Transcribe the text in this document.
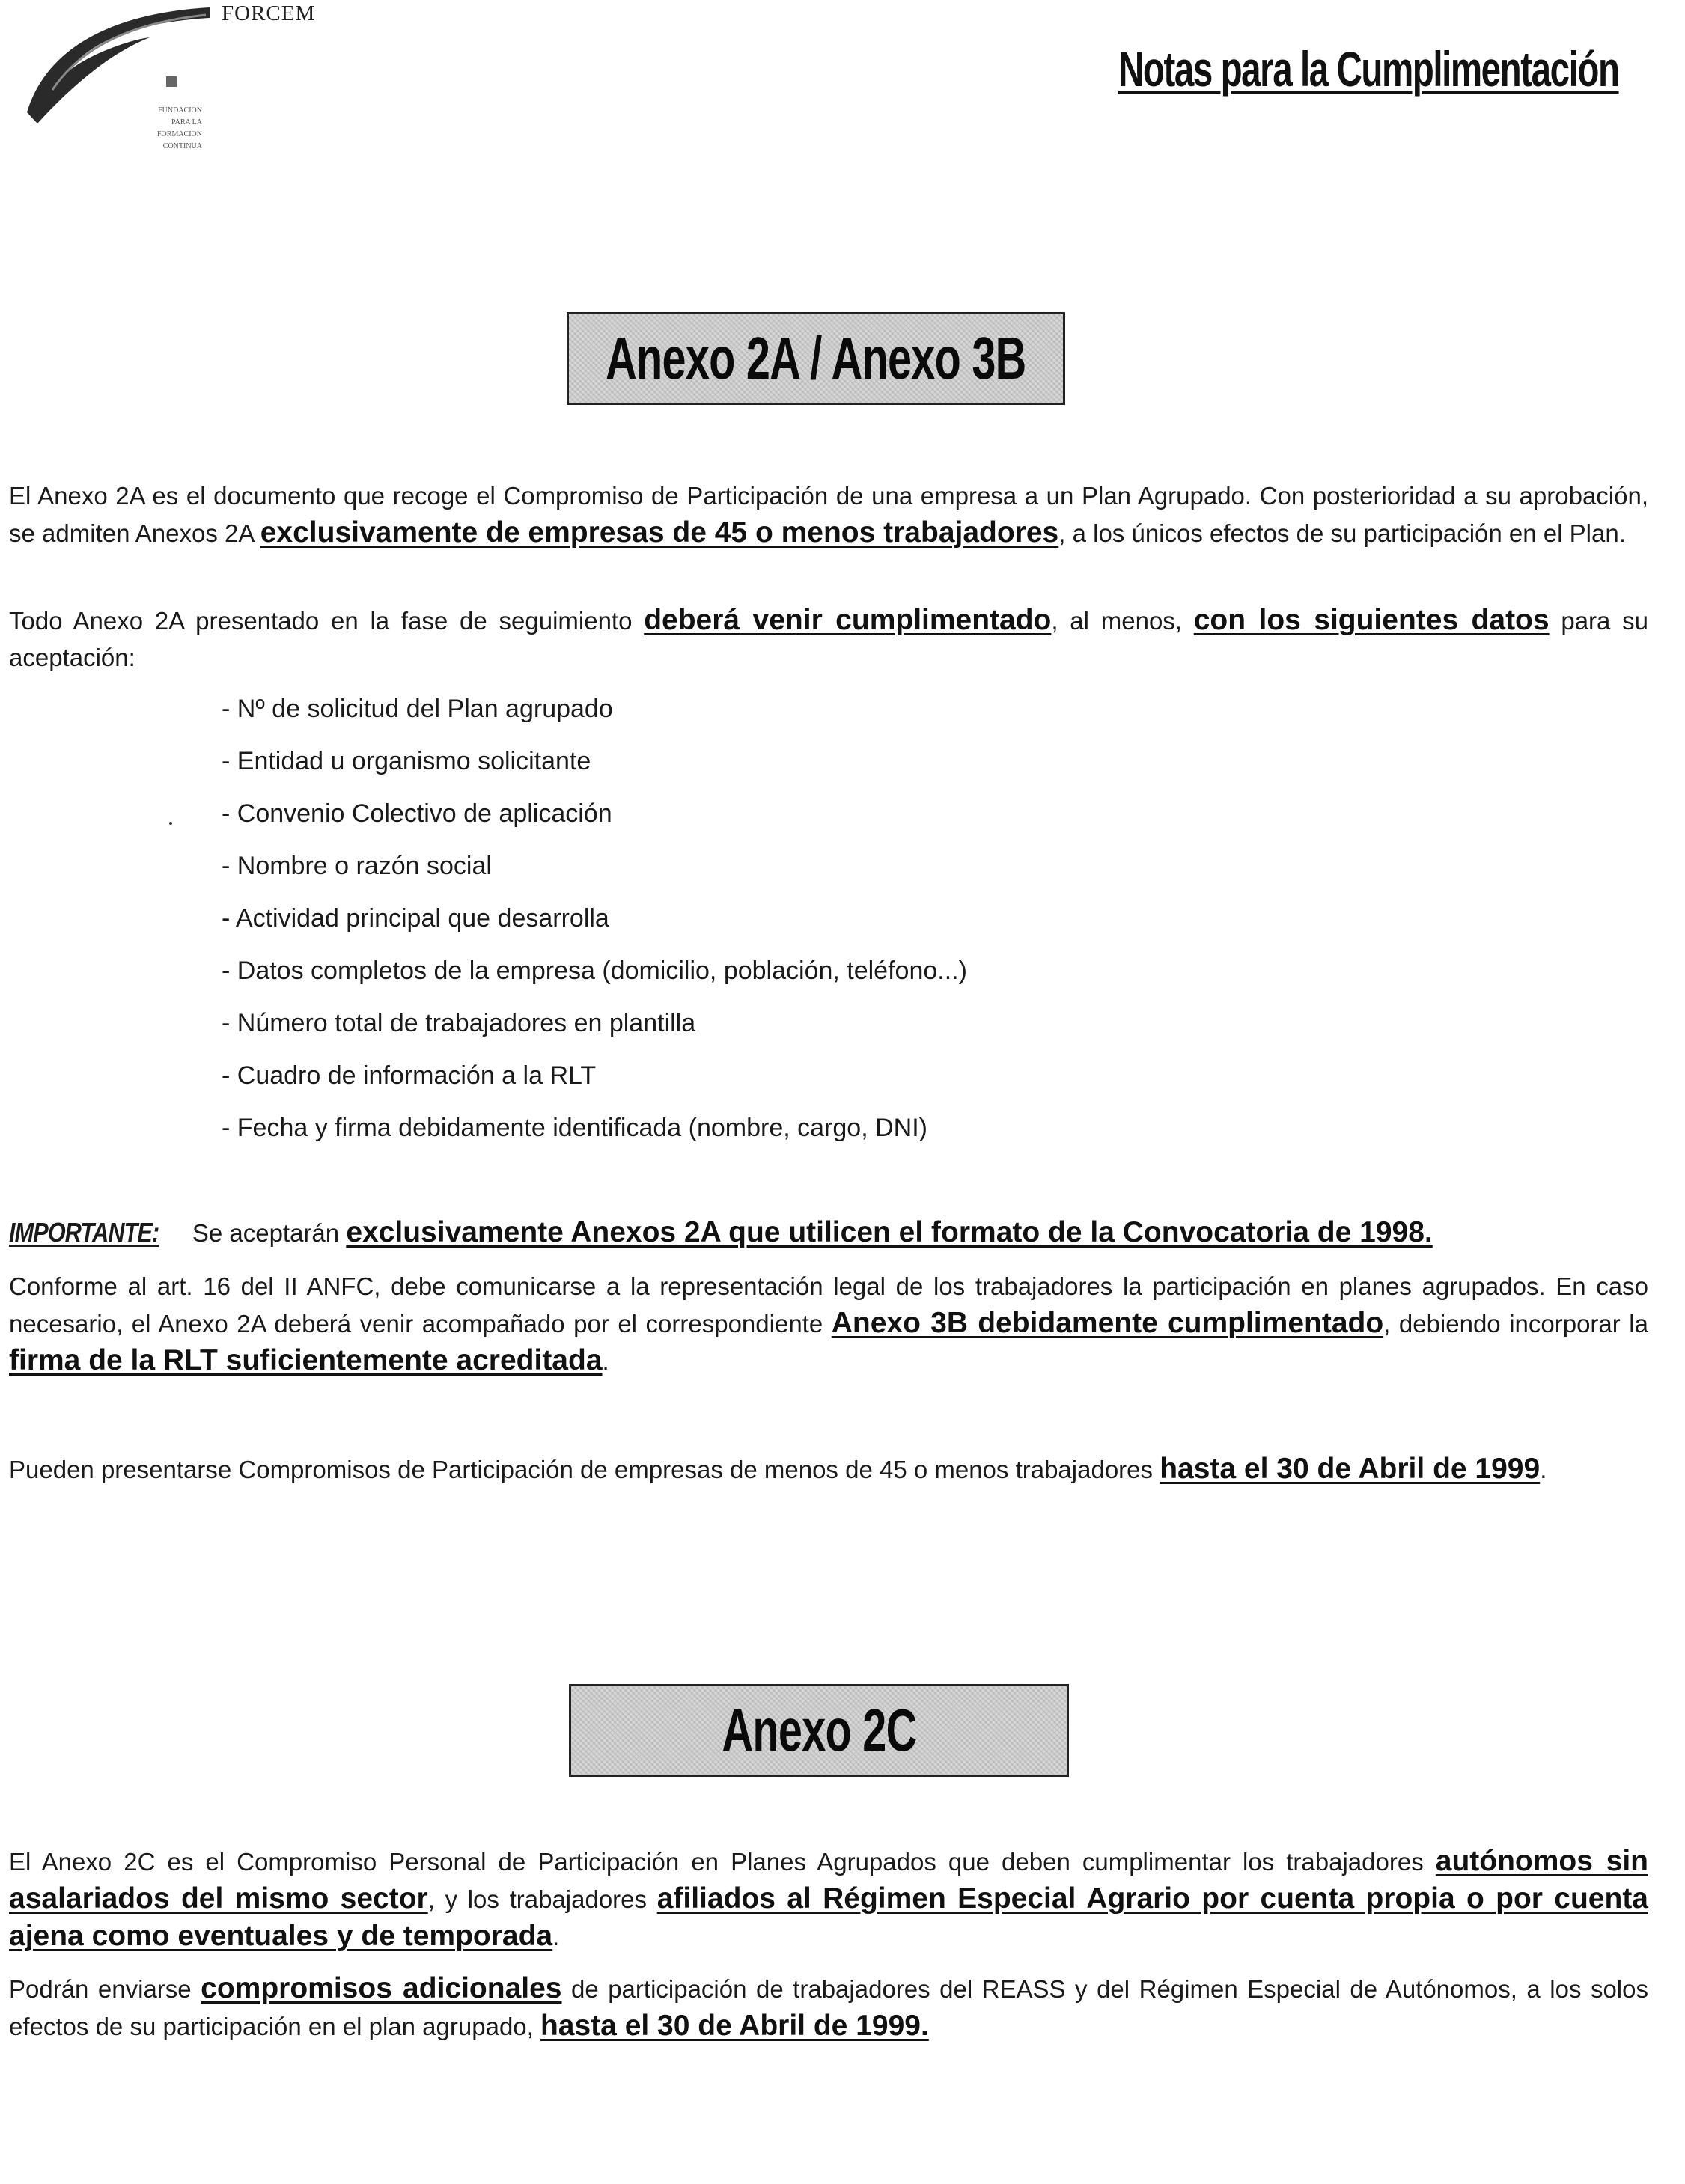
FORCEM
FUNDACION
PARA LA
FORMACION
CONTINUA
Notas para la Cumplimentación
Anexo 2A / Anexo 3B

El Anexo 2A es el documento que recoge el Compromiso de Participación de una empresa a un Plan Agrupado. Con posterioridad a su aprobación, se admiten Anexos 2A exclusivamente de empresas de 45 o menos trabajadores, a los únicos efectos de su participación en el Plan.

Todo Anexo 2A presentado en la fase de seguimiento deberá venir cumplimentado, al menos, con los siguientes datos para su aceptación:

- Nº de solicitud del Plan agrupado
- Entidad u organismo solicitante
- Convenio Colectivo de aplicación
- Nombre o razón social
- Actividad principal que desarrolla
- Datos completos de la empresa (domicilio, población, teléfono...)
- Número total de trabajadores en plantilla
- Cuadro de información a la RLT
- Fecha y firma debidamente identificada (nombre, cargo, DNI)

IMPORTANTE: Se aceptarán exclusivamente Anexos 2A que utilicen el formato de la Convocatoria de 1998.

Conforme al art. 16 del II ANFC, debe comunicarse a la representación legal de los trabajadores la participación en planes agrupados. En caso necesario, el Anexo 2A deberá venir acompañado por el correspondiente Anexo 3B debidamente cumplimentado, debiendo incorporar la firma de la RLT suficientemente acreditada.

Pueden presentarse Compromisos de Participación de empresas de menos de 45 o menos trabajadores hasta el 30 de Abril de 1999.

Anexo 2C

El Anexo 2C es el Compromiso Personal de Participación en Planes Agrupados que deben cumplimentar los trabajadores autónomos sin asalariados del mismo sector, y los trabajadores afiliados al Régimen Especial Agrario por cuenta propia o por cuenta ajena como eventuales y de temporada.

Podrán enviarse compromisos adicionales de participación de trabajadores del REASS y del Régimen Especial de Autónomos, a los solos efectos de su participación en el plan agrupado, hasta el 30 de Abril de 1999.
